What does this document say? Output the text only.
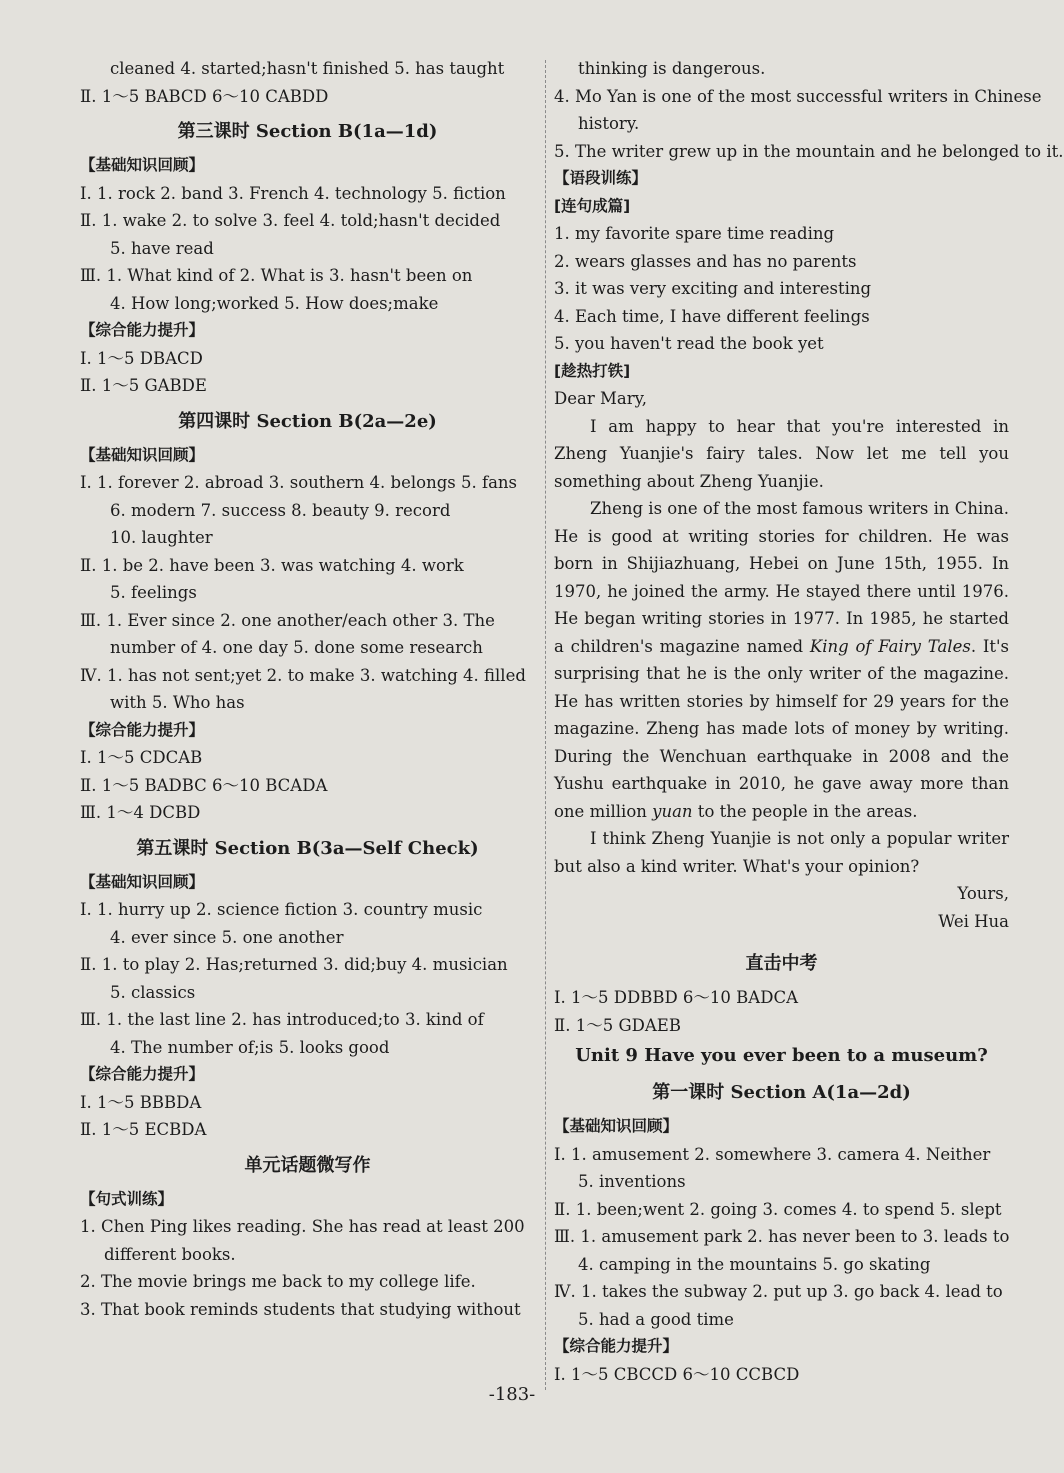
cleaned 4. started;hasn't finished 5. has taught
Ⅱ. 1～5 BABCD 6～10 CABDD
第三课时 Section B(1a—1d)
【基础知识回顾】
Ⅰ. 1. rock 2. band 3. French 4. technology 5. fiction
Ⅱ. 1. wake 2. to solve 3. feel 4. told;hasn't decided
5. have read
Ⅲ. 1. What kind of 2. What is 3. hasn't been on
4. How long;worked 5. How does;make
【综合能力提升】
Ⅰ. 1～5 DBACD
Ⅱ. 1～5 GABDE
第四课时 Section B(2a—2e)
【基础知识回顾】
Ⅰ. 1. forever 2. abroad 3. southern 4. belongs 5. fans
6. modern 7. success 8. beauty 9. record
10. laughter
Ⅱ. 1. be 2. have been 3. was watching 4. work
5. feelings
Ⅲ. 1. Ever since 2. one another/each other 3. The
number of 4. one day 5. done some research
Ⅳ. 1. has not sent;yet 2. to make 3. watching 4. filled
with 5. Who has
【综合能力提升】
Ⅰ. 1～5 CDCAB
Ⅱ. 1～5 BADBC 6～10 BCADA
Ⅲ. 1～4 DCBD
第五课时 Section B(3a—Self Check)
【基础知识回顾】
Ⅰ. 1. hurry up 2. science fiction 3. country music
4. ever since 5. one another
Ⅱ. 1. to play 2. Has;returned 3. did;buy 4. musician
5. classics
Ⅲ. 1. the last line 2. has introduced;to 3. kind of
4. The number of;is 5. looks good
【综合能力提升】
Ⅰ. 1～5 BBBDA
Ⅱ. 1～5 ECBDA
单元话题微写作
【句式训练】
1. Chen Ping likes reading. She has read at least 200
different books.
2. The movie brings me back to my college life.
3. That book reminds students that studying without
thinking is dangerous.
4. Mo Yan is one of the most successful writers in Chinese
history.
5. The writer grew up in the mountain and he belonged to it.
【语段训练】
[连句成篇]
1. my favorite spare time reading
2. wears glasses and has no parents
3. it was very exciting and interesting
4. Each time, I have different feelings
5. you haven't read the book yet
[趁热打铁]
Dear Mary,
I am happy to hear that you're interested in Zheng Yuanjie's fairy tales. Now let me tell you something about Zheng Yuanjie.
Zheng is one of the most famous writers in China. He is good at writing stories for children. He was born in Shijiazhuang, Hebei on June 15th, 1955. In 1970, he joined the army. He stayed there until 1976. He began writing stories in 1977. In 1985, he started a children's magazine named King of Fairy Tales. It's surprising that he is the only writer of the magazine. He has written stories by himself for 29 years for the magazine. Zheng has made lots of money by writing. During the Wenchuan earthquake in 2008 and the Yushu earthquake in 2010, he gave away more than one million yuan to the people in the areas.
I think Zheng Yuanjie is not only a popular writer but also a kind writer. What's your opinion?
Yours,
Wei Hua
直击中考
Ⅰ. 1～5 DDBBD 6～10 BADCA
Ⅱ. 1～5 GDAEB
Unit 9 Have you ever been to a museum?
第一课时 Section A(1a—2d)
【基础知识回顾】
Ⅰ. 1. amusement 2. somewhere 3. camera 4. Neither
5. inventions
Ⅱ. 1. been;went 2. going 3. comes 4. to spend 5. slept
Ⅲ. 1. amusement park 2. has never been to 3. leads to
4. camping in the mountains 5. go skating
Ⅳ. 1. takes the subway 2. put up 3. go back 4. lead to
5. had a good time
【综合能力提升】
Ⅰ. 1～5 CBCCD 6～10 CCBCD
-183-
